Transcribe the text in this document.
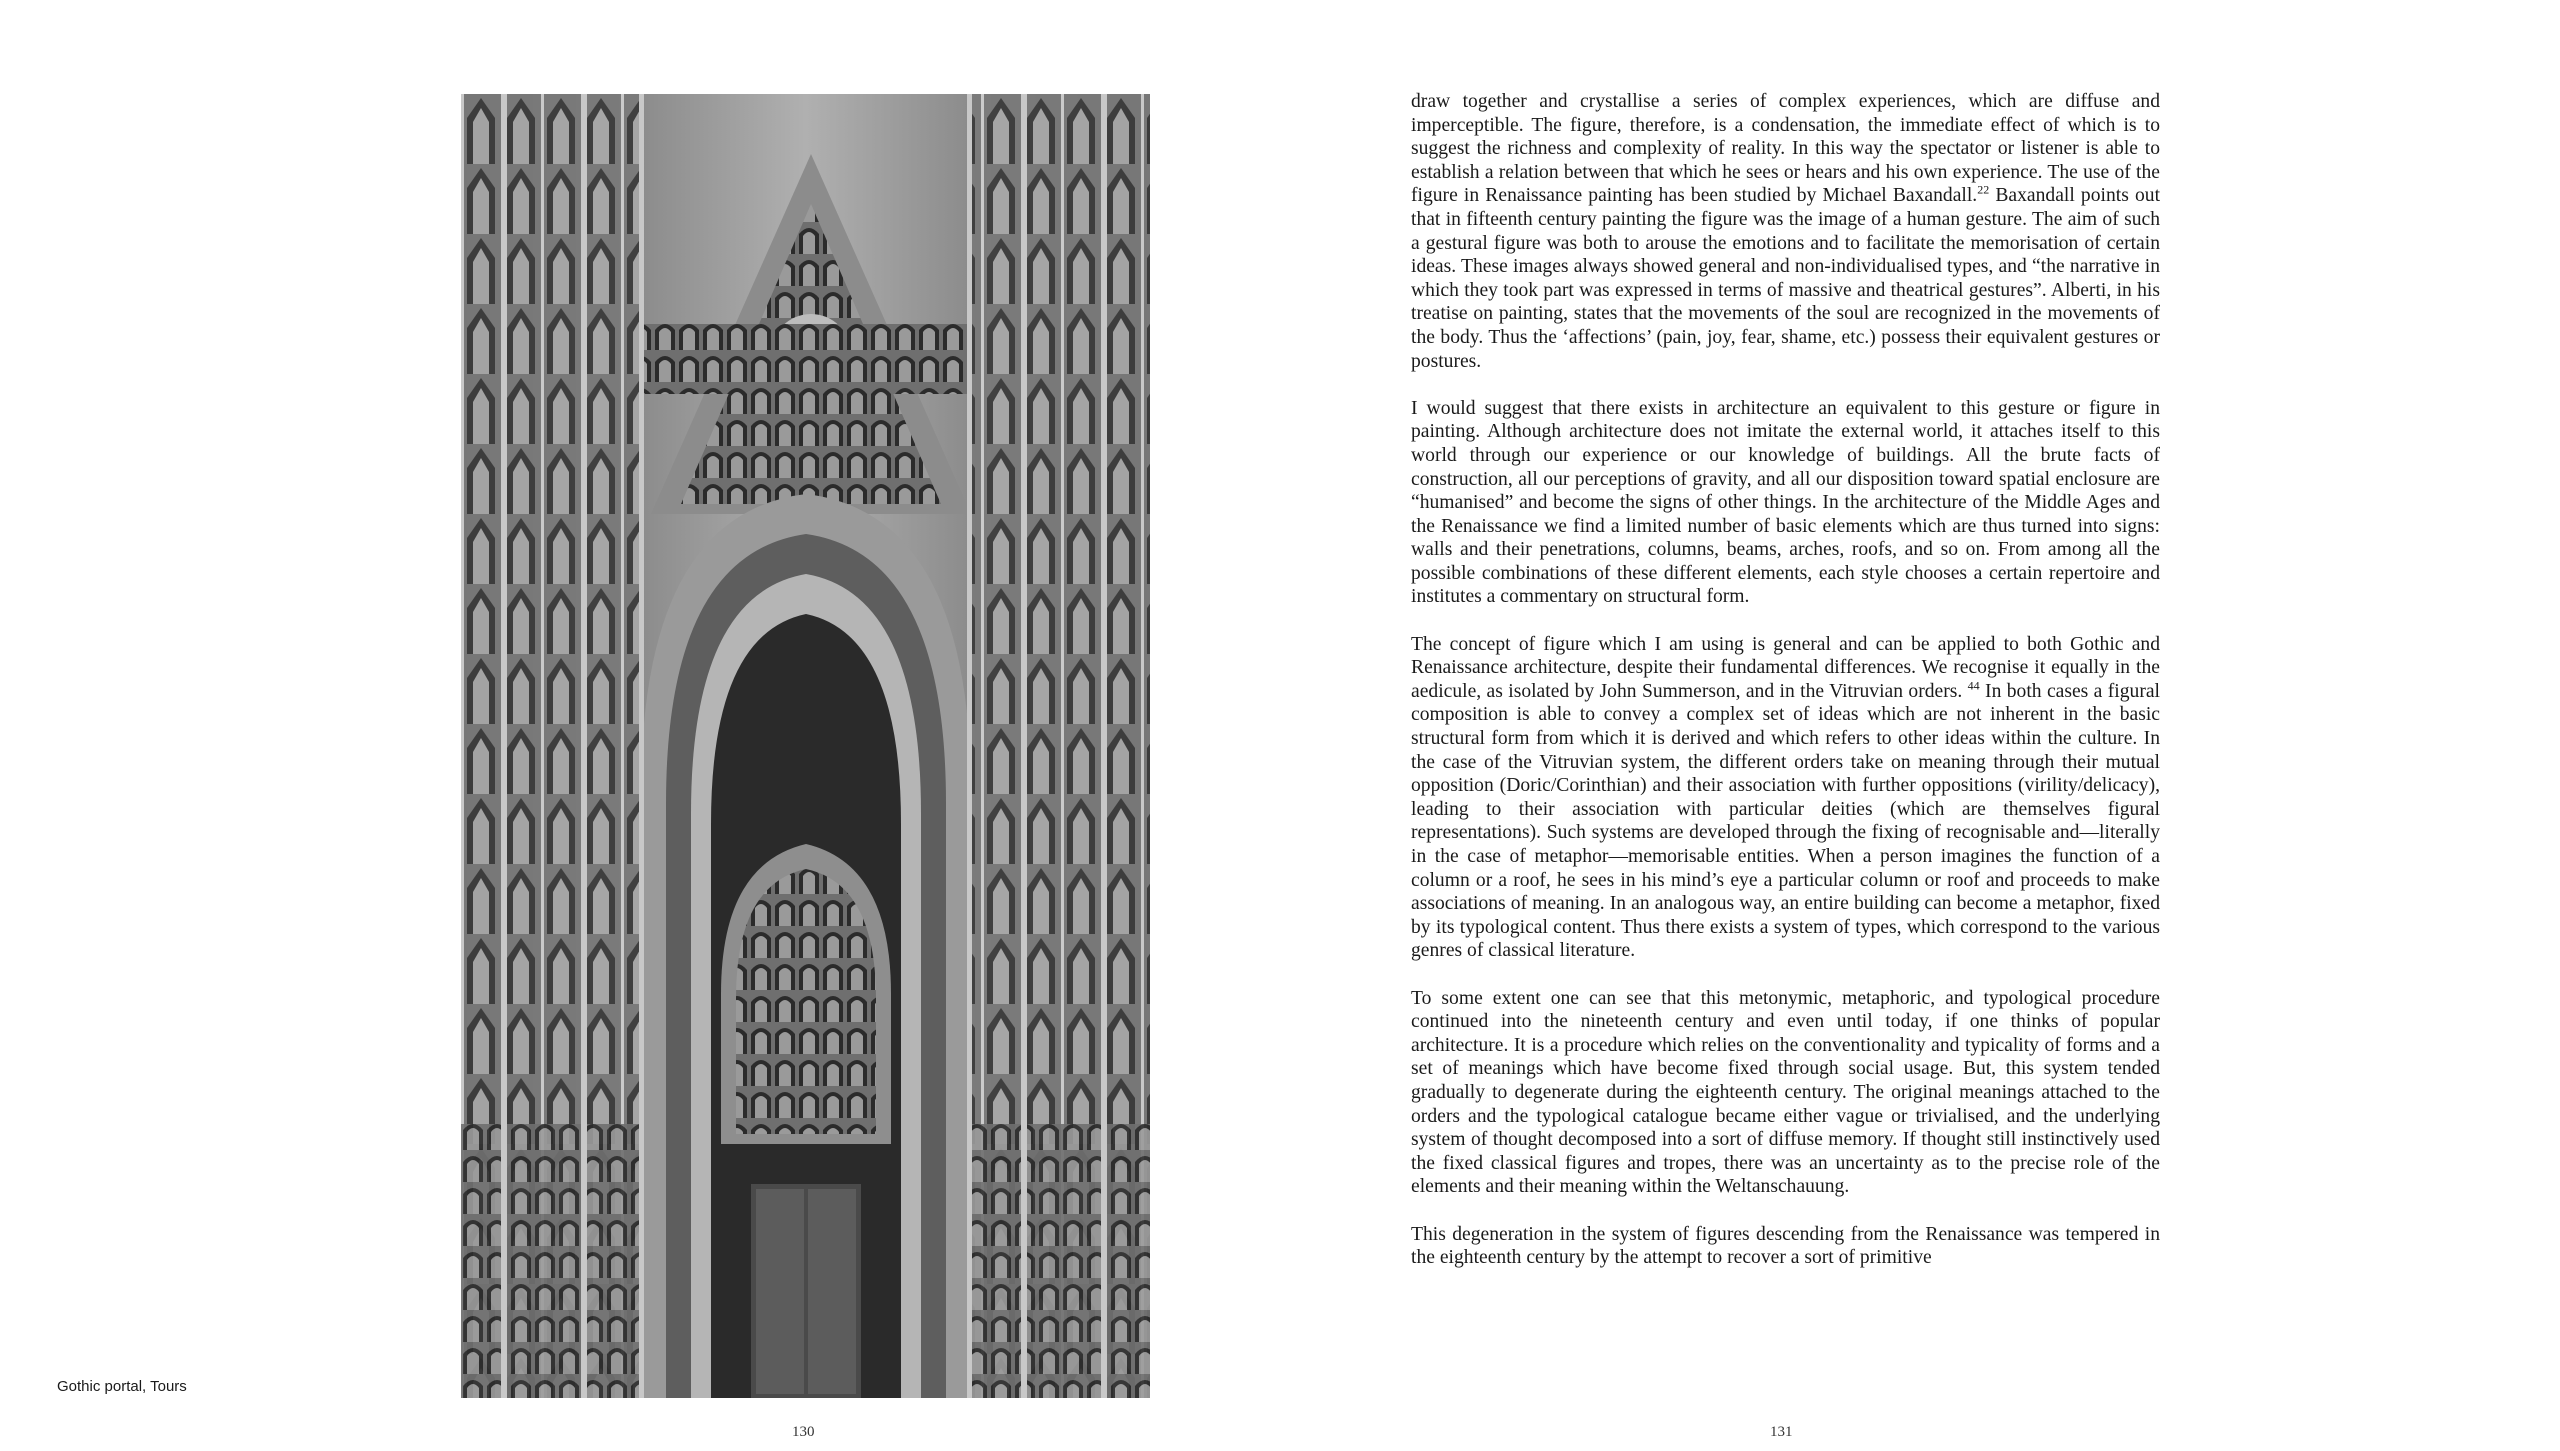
Gothic portal, Tours
130

draw together and crystallise a series of complex experiences, which are diffuse and imperceptible. The figure, therefore, is a condensation, the immediate effect of which is to suggest the richness and complexity of reality. In this way the spectator or listener is able to establish a relation between that which he sees or hears and his own experience. The use of the figure in Renaissance painting has been studied by Michael Baxandall.$^{22}$ Baxandall points out that in fifteenth century painting the figure was the image of a human gesture. The aim of such a gestural figure was both to arouse the emotions and to facilitate the memorisation of certain ideas. These images always showed general and non-individualised types, and “the narrative in which they took part was expressed in terms of massive and theatrical gestures”. Alberti, in his treatise on painting, states that the movements of the soul are recognized in the movements of the body. Thus the ‘affections’ (pain, joy, fear, shame, etc.) possess their equivalent gestures or postures.

I would suggest that there exists in architecture an equivalent to this gesture or figure in painting. Although architecture does not imitate the external world, it attaches itself to this world through our experience or our knowledge of buildings. All the brute facts of construction, all our perceptions of gravity, and all our disposition toward spatial enclosure are “humanised” and become the signs of other things. In the architecture of the Middle Ages and the Renaissance we find a limited number of basic elements which are thus turned into signs: walls and their penetrations, columns, beams, arches, roofs, and so on. From among all the possible combinations of these different elements, each style chooses a certain repertoire and institutes a commentary on structural form.

The concept of figure which I am using is general and can be applied to both Gothic and Renaissance architecture, despite their fundamental differences. We recognise it equally in the aedicule, as isolated by John Summerson, and in the Vitruvian orders. $^{44}$ In both cases a figural composition is able to convey a complex set of ideas which are not inherent in the basic structural form from which it is derived and which refers to other ideas within the culture. In the case of the Vitruvian system, the different orders take on meaning through their mutual opposition (Doric/Corinthian) and their association with further oppositions (virility/delicacy), leading to their association with particular deities (which are themselves figural representations). Such systems are developed through the fixing of recognisable and—literally in the case of metaphor—memorisable entities. When a person imagines the function of a column or a roof, he sees in his mind’s eye a particular column or roof and proceeds to make associations of meaning. In an analogous way, an entire building can become a metaphor, fixed by its typological content. Thus there exists a system of types, which correspond to the various genres of classical literature.

To some extent one can see that this metonymic, metaphoric, and typological procedure continued into the nineteenth century and even until today, if one thinks of popular architecture. It is a procedure which relies on the conventionality and typicality of forms and a set of meanings which have become fixed through social usage. But, this system tended gradually to degenerate during the eighteenth century. The original meanings attached to the orders and the typological catalogue became either vague or trivialised, and the underlying system of thought decomposed into a sort of diffuse memory. If thought still instinctively used the fixed classical figures and tropes, there was an uncertainty as to the precise role of the elements and their meaning within the Weltanschauung.

This degeneration in the system of figures descending from the Renaissance was tempered in the eighteenth century by the attempt to recover a sort of primitive

131
